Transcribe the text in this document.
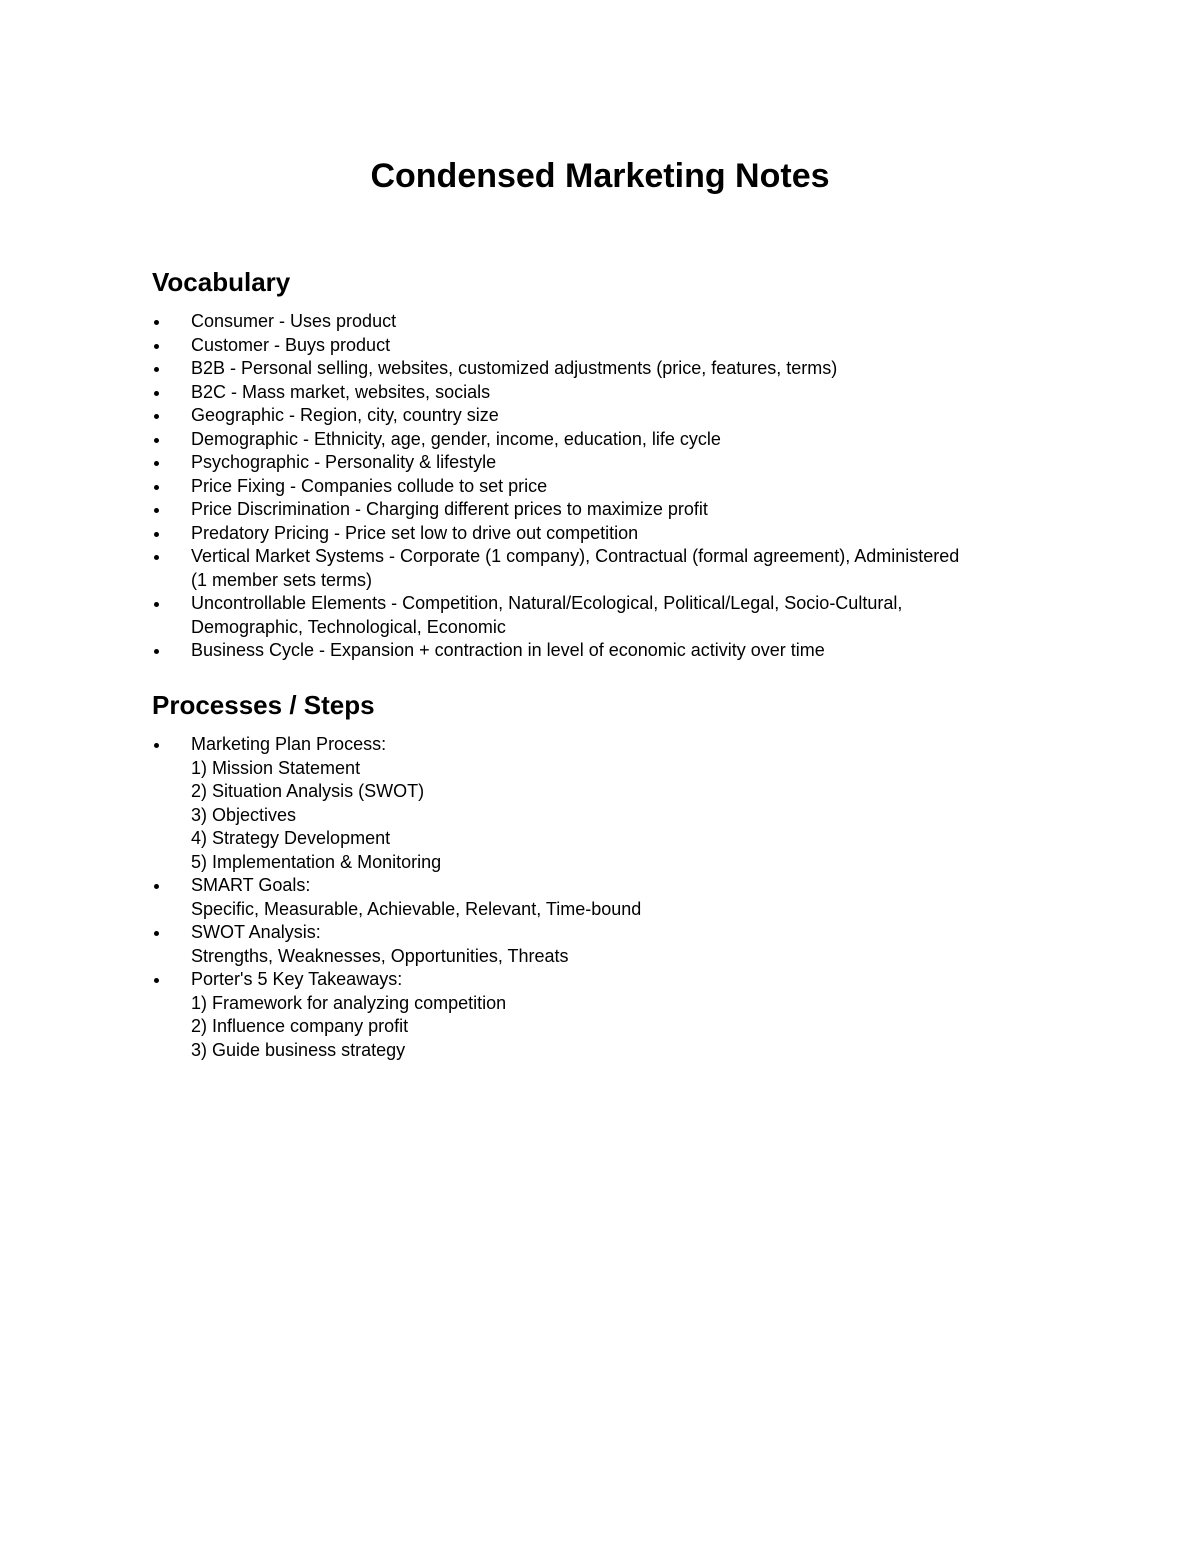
Condensed Marketing Notes
Vocabulary
Consumer - Uses product
Customer - Buys product
B2B - Personal selling, websites, customized adjustments (price, features, terms)
B2C - Mass market, websites, socials
Geographic - Region, city, country size
Demographic - Ethnicity, age, gender, income, education, life cycle
Psychographic - Personality & lifestyle
Price Fixing - Companies collude to set price
Price Discrimination - Charging different prices to maximize profit
Predatory Pricing - Price set low to drive out competition
Vertical Market Systems - Corporate (1 company), Contractual (formal agreement), Administered
(1 member sets terms)
Uncontrollable Elements - Competition, Natural/Ecological, Political/Legal, Socio-Cultural,
Demographic, Technological, Economic
Business Cycle - Expansion + contraction in level of economic activity over time
Processes / Steps
Marketing Plan Process:
1) Mission Statement
2) Situation Analysis (SWOT)
3) Objectives
4) Strategy Development
5) Implementation & Monitoring
SMART Goals:
Specific, Measurable, Achievable, Relevant, Time-bound
SWOT Analysis:
Strengths, Weaknesses, Opportunities, Threats
Porter's 5 Key Takeaways:
1) Framework for analyzing competition
2) Influence company profit
3) Guide business strategy
